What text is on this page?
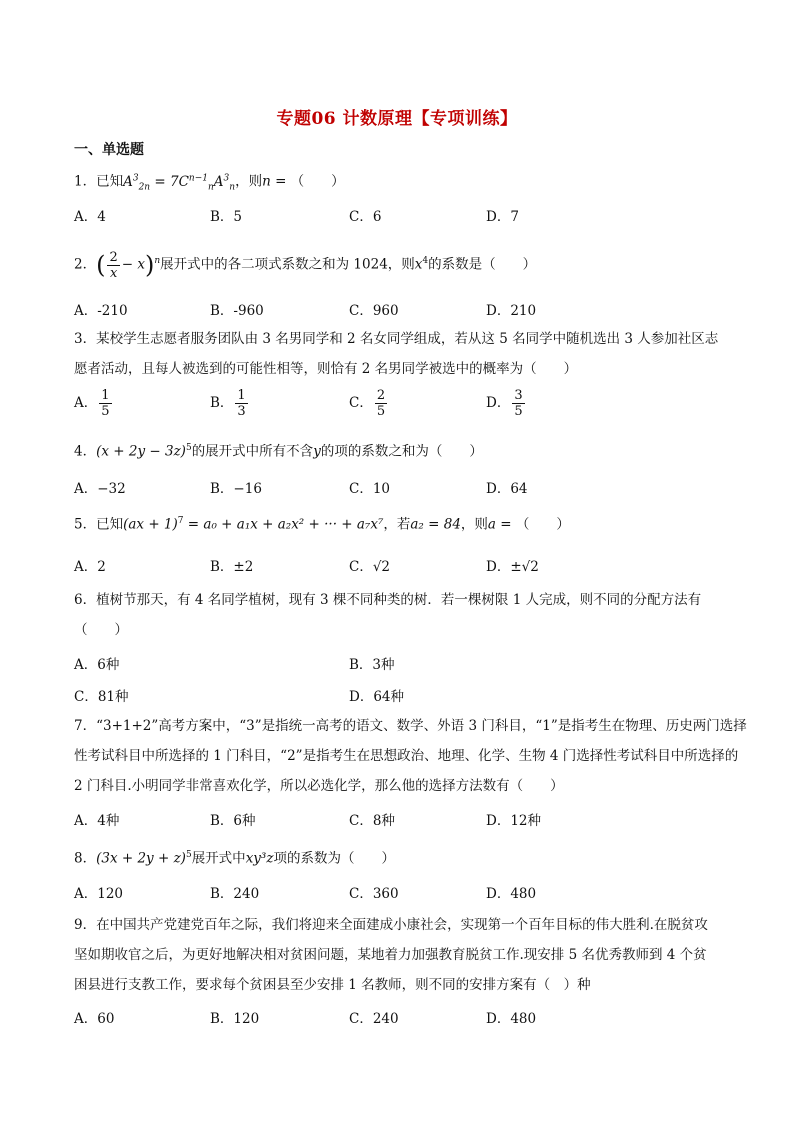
专题06 计数原理【专项训练】
一、单选题
1．已知$A^3_{2n} = 7C^{n-1}_nA^3_n$，则n = （　　）
A．4	B．5	C．6	D．7
2．( $\frac{2}{x} - x)^n$展开式中的各二项式系数之和为 1024，则$x^4$的系数是（　　）
A．-210	B．-960	C．960	D．210
3．某校学生志愿者服务团队由 3 名男同学和 2 名女同学组成，若从这 5 名同学中随机选出 3 人参加社区志
愿者活动，且每人被选到的可能性相等，则恰有 2 名男同学被选中的概率为（　　）
A． $\frac{1}{5}$	B． $\frac{1}{3}$	C． $\frac{2}{5}$	D． $\frac{3}{5}$
4．$(x + 2y - 3z)^5$的展开式中所有不含y的项的系数之和为（　　）
A．−32	B．−16	C．10	D．64
5．已知(ax + 1)$^7$ = a₀ + a₁x + a₂x² + ··· + a₇x⁷，若a₂ = 84，则a = （　　）
A．2	B．±2	C．√2	D．±√2
6．植树节那天，有 4 名同学植树，现有 3 棵不同种类的树．若一棵树限 1 人完成，则不同的分配方法有
（　　）
A．6种	B．3种
C．81种	D．64种
7．“3+1+2”高考方案中，“3”是指统一高考的语文、数学、外语 3 门科目，“1”是指考生在物理、历史两门选择
性考试科目中所选择的 1 门科目，“2”是指考生在思想政治、地理、化学、生物 4 门选择性考试科目中所选择的
2 门科目.小明同学非常喜欢化学，所以必选化学，那么他的选择方法数有（　　）
A．4种	B．6种	C．8种	D．12种
8．$(3x + 2y + z)^5$展开式中xy³z项的系数为（　　）
A．120	B．240	C．360	D．480
9．在中国共产党建党百年之际，我们将迎来全面建成小康社会，实现第一个百年目标的伟大胜利.在脱贫攻
坚如期收官之后，为更好地解决相对贫困问题，某地着力加强教育脱贫工作.现安排 5 名优秀教师到 4 个贫
困县进行支教工作，要求每个贫困县至少安排 1 名教师，则不同的安排方案有（　）种
A．60	B．120	C．240	D．480
